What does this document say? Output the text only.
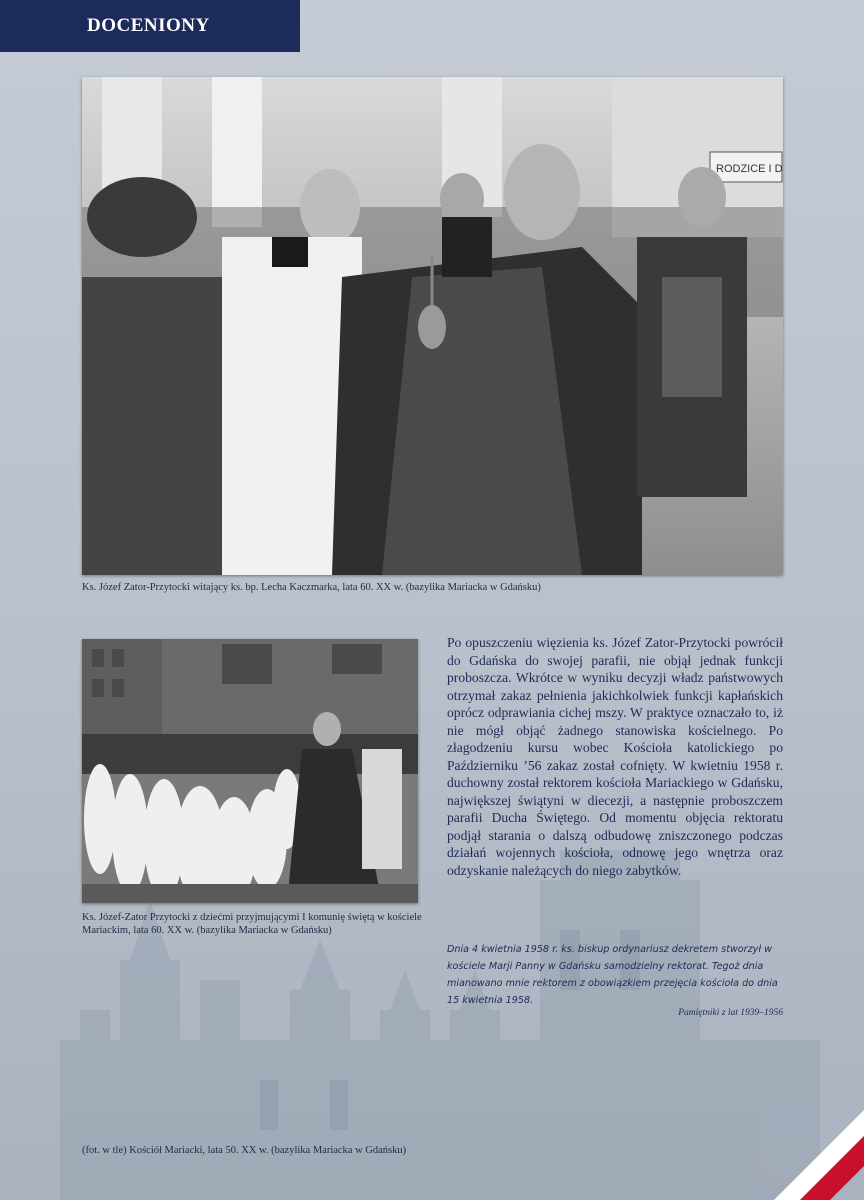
DOCENIONY
RODZICE I D
Ks. Józef Zator-Przytocki witający ks. bp. Lecha Kaczmarka, lata 60. XX w. (bazylika Mariacka w Gdańsku)
Ks. Józef-Zator Przytocki z dziećmi przyjmującymi I komunię świętą w kościele Mariackim, lata 60. XX w. (bazylika Mariacka w Gdańsku)

Po opuszczeniu więzienia ks. Józef Zator-Przytocki powrócił do Gdańska do swojej parafii, nie objął jednak funkcji proboszcza. Wkrótce w wyniku decyzji władz państwowych otrzymał zakaz pełnienia jakichkolwiek funkcji kapłańskich oprócz odprawiania cichej mszy. W praktyce oznaczało to, iż nie mógł objąć żadnego stanowiska kościelnego. Po złagodzeniu kursu wobec Kościoła katolickiego po Październiku ’56 zakaz został cofnięty. W kwietniu 1958 r. duchowny został rektorem kościoła Mariackiego w Gdańsku, największej świątyni w diecezji, a następnie proboszczem parafii Ducha Świętego. Od momentu objęcia rektoratu podjął starania o dalszą odbudowę zniszczonego podczas działań wojennych kościoła, odnowę jego wnętrza oraz odzyskanie należących do niego zabytków.

Dnia 4 kwietnia 1958 r. ks. biskup ordynariusz dekretem stworzył w kościele Marji Panny w Gdańsku samodzielny rektorat. Tegoż dnia mianowano mnie rektorem z obowiązkiem przejęcia kościoła do dnia 15 kwietnia 1958.

Pamiętniki z lat 1939–1956
(fot. w tle) Kościół Mariacki, lata 50. XX w. (bazylika Mariacka w Gdańsku)
